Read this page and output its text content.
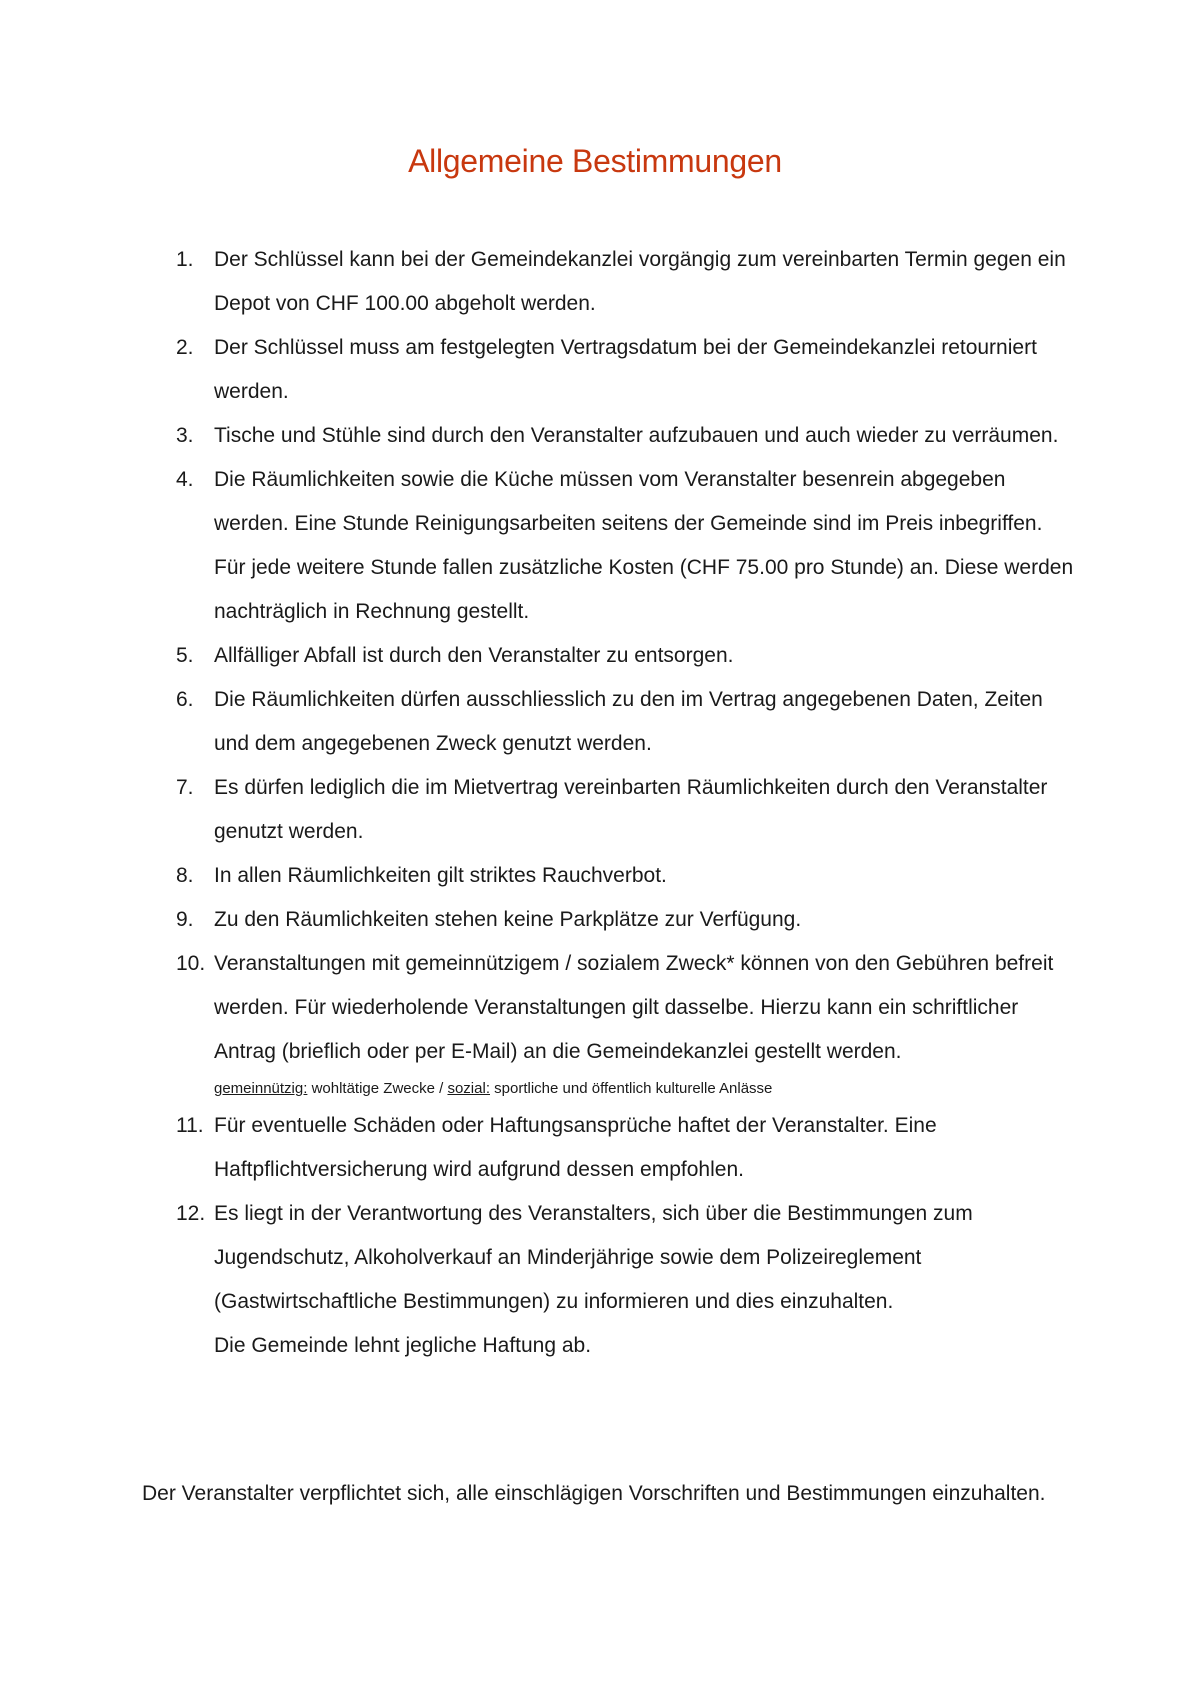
Allgemeine Bestimmungen
1. Der Schlüssel kann bei der Gemeindekanzlei vorgängig zum vereinbarten Termin gegen ein Depot von CHF 100.00 abgeholt werden.
2. Der Schlüssel muss am festgelegten Vertragsdatum bei der Gemeindekanzlei retourniert werden.
3. Tische und Stühle sind durch den Veranstalter aufzubauen und auch wieder zu verräumen.
4. Die Räumlichkeiten sowie die Küche müssen vom Veranstalter besenrein abgegeben werden. Eine Stunde Reinigungsarbeiten seitens der Gemeinde sind im Preis inbegriffen. Für jede weitere Stunde fallen zusätzliche Kosten (CHF 75.00 pro Stunde) an. Diese werden nachträglich in Rechnung gestellt.
5. Allfälliger Abfall ist durch den Veranstalter zu entsorgen.
6. Die Räumlichkeiten dürfen ausschliesslich zu den im Vertrag angegebenen Daten, Zeiten und dem angegebenen Zweck genutzt werden.
7. Es dürfen lediglich die im Mietvertrag vereinbarten Räumlichkeiten durch den Veranstalter genutzt werden.
8. In allen Räumlichkeiten gilt striktes Rauchverbot.
9. Zu den Räumlichkeiten stehen keine Parkplätze zur Verfügung.
10. Veranstaltungen mit gemeinnützigem / sozialem Zweck* können von den Gebühren befreit werden. Für wiederholende Veranstaltungen gilt dasselbe. Hierzu kann ein schriftlicher Antrag (brieflich oder per E-Mail) an die Gemeindekanzlei gestellt werden.
gemeinnützig: wohltätige Zwecke / sozial: sportliche und öffentlich kulturelle Anlässe
11. Für eventuelle Schäden oder Haftungsansprüche haftet der Veranstalter. Eine Haftpflichtversicherung wird aufgrund dessen empfohlen.
12. Es liegt in der Verantwortung des Veranstalters, sich über die Bestimmungen zum Jugendschutz, Alkoholverkauf an Minderjährige sowie dem Polizeireglement (Gastwirtschaftliche Bestimmungen) zu informieren und dies einzuhalten.
Die Gemeinde lehnt jegliche Haftung ab.

Der Veranstalter verpflichtet sich, alle einschlägigen Vorschriften und Bestimmungen einzuhalten.
